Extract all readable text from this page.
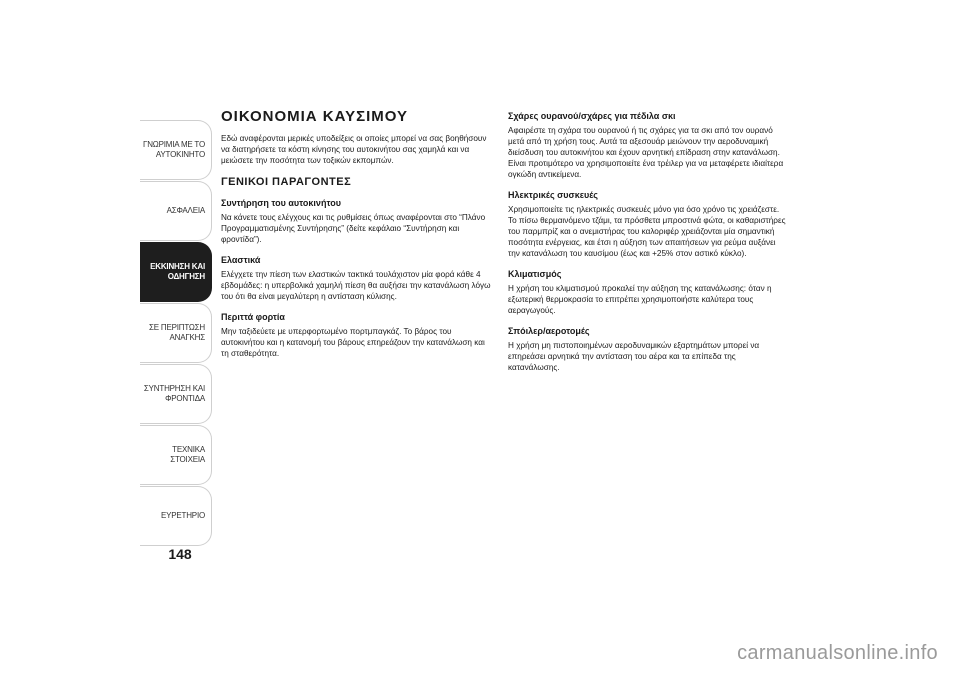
ΓΝΩΡΙΜΙΑ ΜΕ ΤΟ
ΑΥΤΟΚΙΝΗΤΟ
ΑΣΦΑΛΕΙΑ
ΕΚΚΙΝΗΣΗ ΚΑΙ
ΟΔΗΓΗΣΗ
ΣΕ ΠΕΡΙΠΤΩΣΗ
ΑΝΑΓΚΗΣ
ΣΥΝΤΗΡΗΣΗ ΚΑΙ
ΦΡΟΝΤΙΔΑ
ΤΕΧΝΙΚΑ ΣΤΟΙΧΕΙΑ
ΕΥΡΕΤΗΡΙΟ
148
ΟΙΚΟΝΟΜΙΑ ΚΑΥΣΙΜΟΥ

Εδώ αναφέρονται μερικές υποδείξεις οι οποίες μπορεί να σας βοηθήσουν να διατηρήσετε τα κόστη κίνησης του αυτοκινήτου σας χαμηλά και να μειώσετε την ποσότητα των τοξικών εκπομπών.

ΓΕΝΙΚΟΙ ΠΑΡΑΓΟΝΤΕΣ
Συντήρηση του αυτοκινήτου

Να κάνετε τους ελέγχους και τις ρυθμίσεις όπως αναφέρονται στο “Πλάνο Προγραμματισμένης Συντήρησης” (δείτε κεφάλαιο “Συντήρηση και φροντίδα”).

Ελαστικά

Ελέγχετε την πίεση των ελαστικών τακτικά τουλάχιστον μία φορά κάθε 4 εβδομάδες: η υπερβολικά χαμηλή πίεση θα αυξήσει την κατανάλωση λόγω του ότι θα είναι μεγαλύτερη η αντίσταση κύλισης.

Περιττά φορτία

Μην ταξιδεύετε με υπερφορτωμένο πορτμπαγκάζ. Το βάρος του αυτοκινήτου και η κατανομή του βάρους επηρεάζουν την κατανάλωση και τη σταθερότητα.

Σχάρες ουρανού/σχάρες για πέδιλα σκι

Αφαιρέστε τη σχάρα του ουρανού ή τις σχάρες για τα σκι από τον ουρανό μετά από τη χρήση τους. Αυτά τα αξεσουάρ μειώνουν την αεροδυναμική διείσδυση του αυτοκινήτου και έχουν αρνητική επίδραση στην κατανάλωση. Είναι προτιμότερο να χρησιμοποιείτε ένα τρέιλερ για να μεταφέρετε ιδιαίτερα ογκώδη αντικείμενα.

Ηλεκτρικές συσκευές

Χρησιμοποιείτε τις ηλεκτρικές συσκευές μόνο για όσο χρόνο τις χρειάζεστε. Το πίσω θερμαινόμενο τζάμι, τα πρόσθετα μπροστινά φώτα, οι καθαριστήρες του παρμπρίζ και ο ανεμιστήρας του καλοριφέρ χρειάζονται μία σημαντική ποσότητα ενέργειας, και έτσι η αύξηση των απαιτήσεων για ρεύμα αυξάνει την κατανάλωση του καυσίμου (έως και +25% στον αστικό κύκλο).

Κλιματισμός

Η χρήση του κλιματισμού προκαλεί την αύξηση της κατανάλωσης: όταν η εξωτερική θερμοκρασία το επιτρέπει χρησιμοποιήστε καλύτερα τους αεραγωγούς.

Σπόιλερ/αεροτομές

Η χρήση μη πιστοποιημένων αεροδυναμικών εξαρτημάτων μπορεί να επηρεάσει αρνητικά την αντίσταση του αέρα και τα επίπεδα της κατανάλωσης.

carmanualsonline.info
